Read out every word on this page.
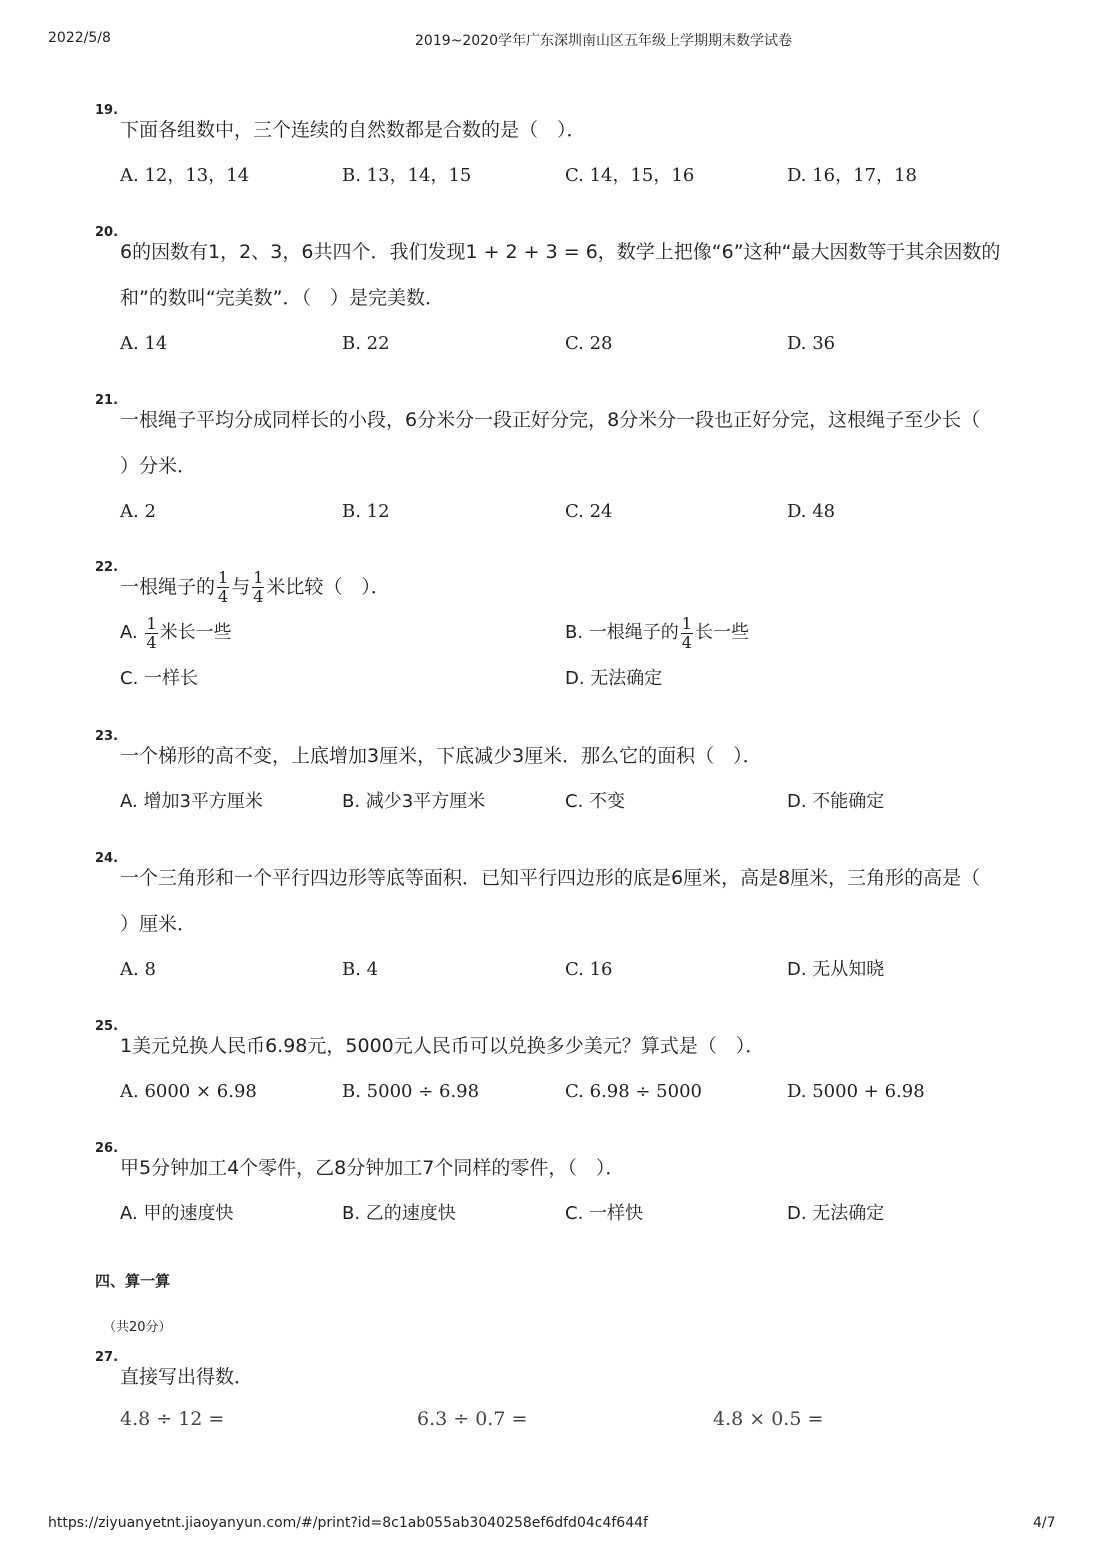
2022/5/8	2019~2020学年广东深圳南山区五年级上学期期末数学试卷
19.
下面各组数中，三个连续的自然数都是合数的是（　）．
A. 12，13，14	B. 13，14，15	C. 14，15，16	D. 16，17，18
20.
6的因数有1，2、3，6共四个．我们发现1 + 2 + 3 = 6，数学上把像“6”这种“最大因数等于其余因数的
和”的数叫“完美数”．（　）是完美数．
A. 14	B. 22	C. 28	D. 36
21.
一根绳子平均分成同样长的小段，6分米分一段正好分完，8分米分一段也正好分完，这根绳子至少长（
）分米．
A. 2	B. 12	C. 24	D. 48
22.
一根绳子的 $\frac{1}{4}$ 与 $\frac{1}{4}$ 米比较（　）．
A. $\frac{1}{4}$ 米长一些	B. 一根绳子的 $\frac{1}{4}$ 长一些
C. 一样长	D. 无法确定
23.
一个梯形的高不变，上底增加3厘米，下底减少3厘米．那么它的面积（　）．
A. 增加3平方厘米	B. 减少3平方厘米	C. 不变	D. 不能确定
24.
一个三角形和一个平行四边形等底等面积．已知平行四边形的底是6厘米，高是8厘米，三角形的高是（
）厘米．
A. 8	B. 4	C. 16	D. 无从知晓
25.
1美元兑换人民币6.98元，5000元人民币可以兑换多少美元？算式是（　）．
A. 6000 × 6.98	B. 5000 ÷ 6.98	C. 6.98 ÷ 5000	D. 5000 + 6.98
26.
甲5分钟加工4个零件，乙8分钟加工7个同样的零件，（　）．
A. 甲的速度快	B. 乙的速度快	C. 一样快	D. 无法确定
四、算一算
（共20分）
27.
直接写出得数．
4.8 ÷ 12 =	6.3 ÷ 0.7 =	4.8 × 0.5 =
https://ziyuanyetnt.jiaoyanyun.com/#/print?id=8c1ab055ab3040258ef6dfd04c4f644f	4/7
